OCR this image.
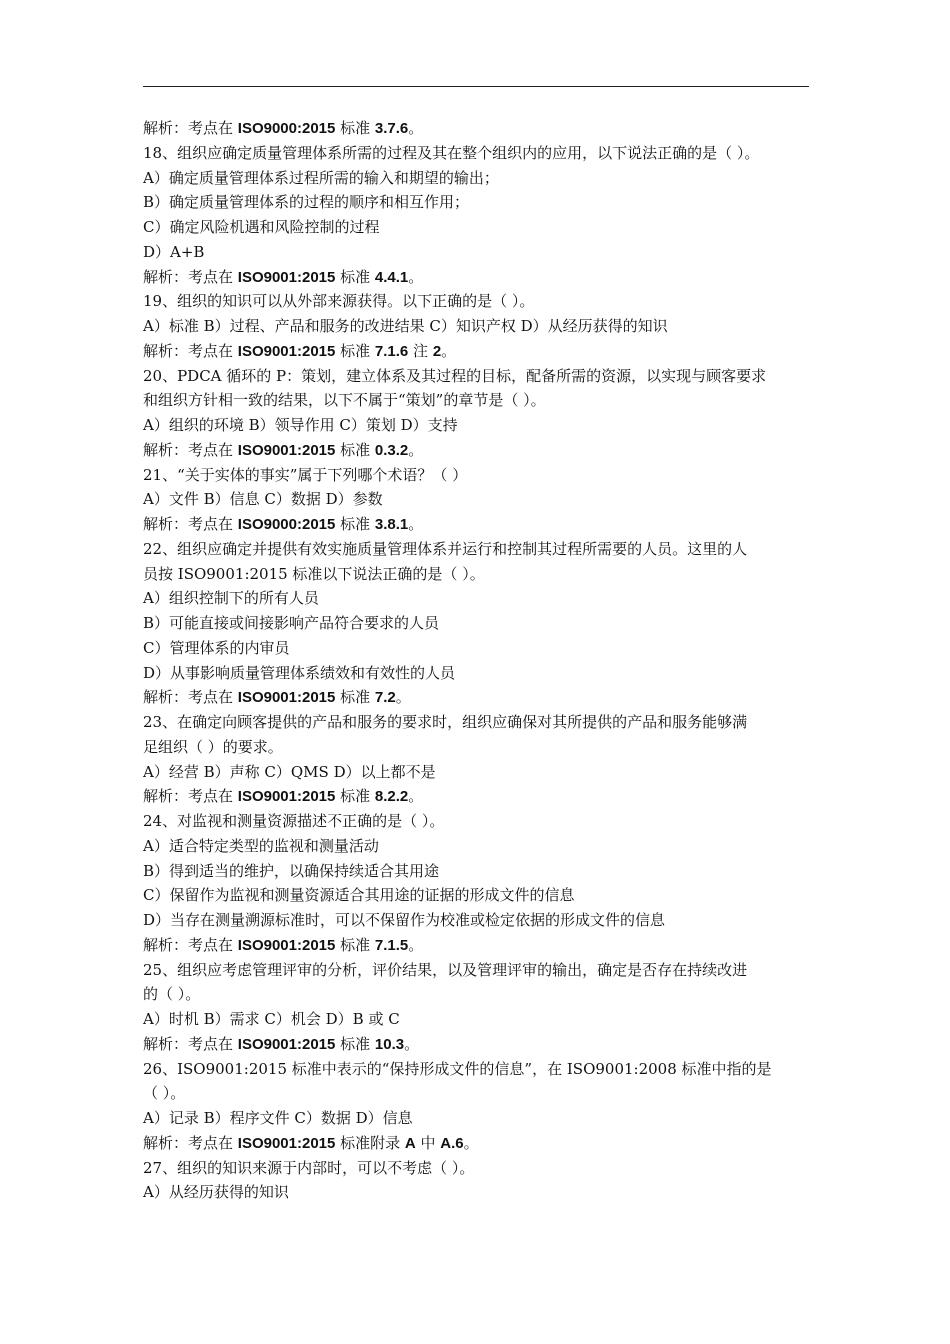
解析：考点在 ISO9000:2015 标准 3.7.6。
18、组织应确定质量管理体系所需的过程及其在整个组织内的应用，以下说法正确的是（ ）。
A）确定质量管理体系过程所需的输入和期望的输出；
B）确定质量管理体系的过程的顺序和相互作用；
C）确定风险机遇和风险控制的过程
D）A+B
解析：考点在 ISO9001:2015 标准 4.4.1。
19、组织的知识可以从外部来源获得。以下正确的是（ ）。
A）标准 B）过程、产品和服务的改进结果 C）知识产权 D）从经历获得的知识
解析：考点在 ISO9001:2015 标准 7.1.6 注 2。
20、PDCA 循环的 P：策划，建立体系及其过程的目标，配备所需的资源，以实现与顾客要求
和组织方针相一致的结果，以下不属于“策划”的章节是（ ）。
A）组织的环境 B）领导作用 C）策划 D）支持
解析：考点在 ISO9001:2015 标准 0.3.2。
21、“关于实体的事实”属于下列哪个术语？（ ）
A）文件 B）信息 C）数据 D）参数
解析：考点在 ISO9000:2015 标准 3.8.1。
22、组织应确定并提供有效实施质量管理体系并运行和控制其过程所需要的人员。这里的人
员按 ISO9001:2015 标准以下说法正确的是（ ）。
A）组织控制下的所有人员
B）可能直接或间接影响产品符合要求的人员
C）管理体系的内审员
D）从事影响质量管理体系绩效和有效性的人员
解析：考点在 ISO9001:2015 标准 7.2。
23、在确定向顾客提供的产品和服务的要求时，组织应确保对其所提供的产品和服务能够满
足组织（ ）的要求。
A）经营 B）声称 C）QMS D）以上都不是
解析：考点在 ISO9001:2015 标准 8.2.2。
24、对监视和测量资源描述不正确的是（ ）。
A）适合特定类型的监视和测量活动
B）得到适当的维护，以确保持续适合其用途
C）保留作为监视和测量资源适合其用途的证据的形成文件的信息
D）当存在测量溯源标准时，可以不保留作为校准或检定依据的形成文件的信息
解析：考点在 ISO9001:2015 标准 7.1.5。
25、组织应考虑管理评审的分析，评价结果，以及管理评审的输出，确定是否存在持续改进
的（ ）。
A）时机 B）需求 C）机会 D）B 或 C
解析：考点在 ISO9001:2015 标准 10.3。
26、ISO9001:2015 标准中表示的“保持形成文件的信息”，在 ISO9001:2008 标准中指的是
（ ）。
A）记录 B）程序文件 C）数据 D）信息
解析：考点在 ISO9001:2015 标准附录 A 中 A.6。
27、组织的知识来源于内部时，可以不考虑（ ）。
A）从经历获得的知识
